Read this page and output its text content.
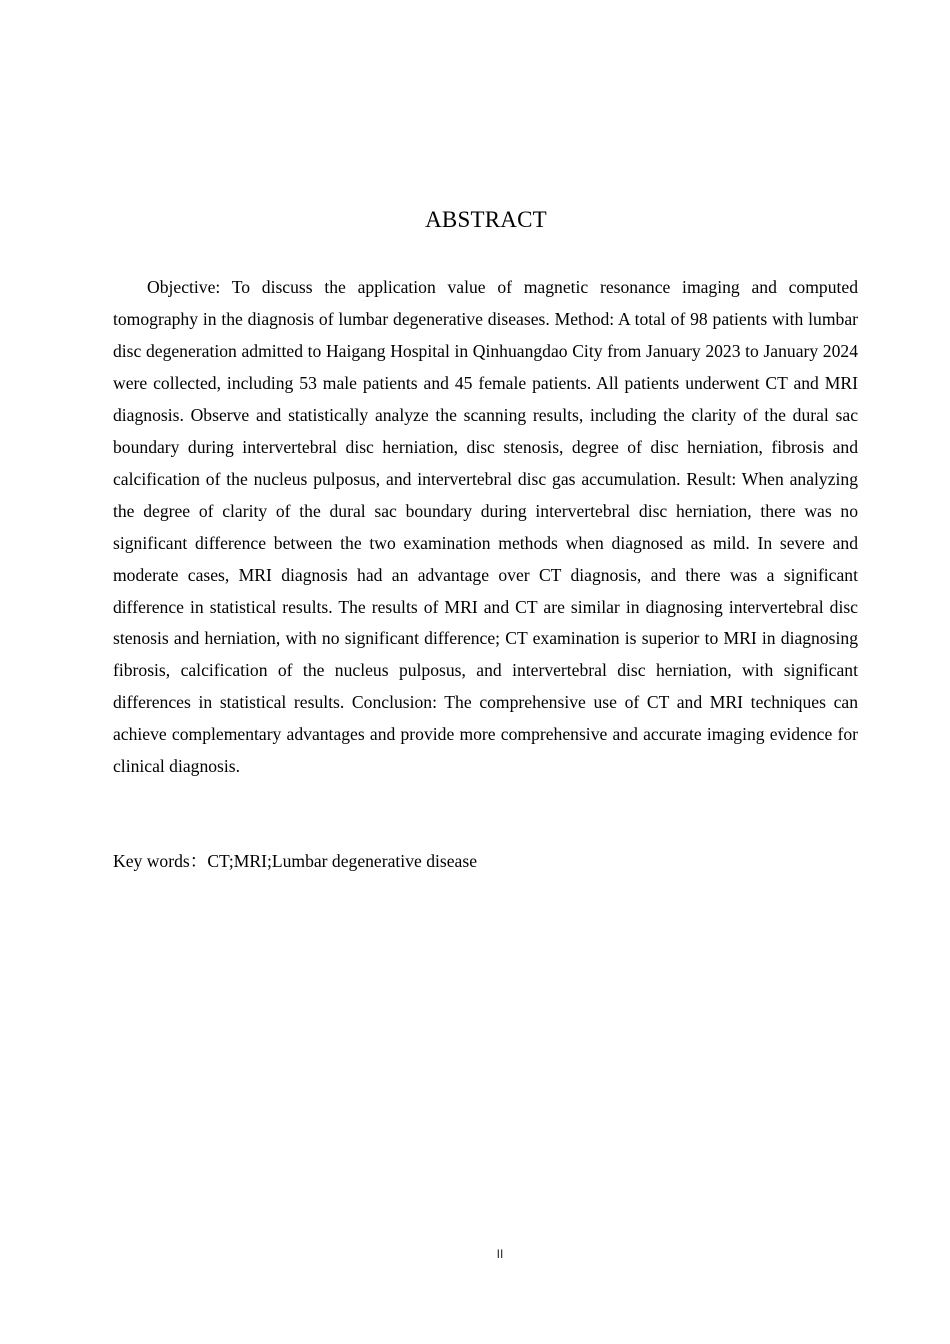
ABSTRACT

Objective: To discuss the application value of magnetic resonance imaging and computed tomography in the diagnosis of lumbar degenerative diseases. Method: A total of 98 patients with lumbar disc degeneration admitted to Haigang Hospital in Qinhuangdao City from January 2023 to January 2024 were collected, including 53 male patients and 45 female patients. All patients underwent CT and MRI diagnosis. Observe and statistically analyze the scanning results, including the clarity of the dural sac boundary during intervertebral disc herniation, disc stenosis, degree of disc herniation, fibrosis and calcification of the nucleus pulposus, and intervertebral disc gas accumulation. Result: When analyzing the degree of clarity of the dural sac boundary during intervertebral disc herniation, there was no significant difference between the two examination methods when diagnosed as mild. In severe and moderate cases, MRI diagnosis had an advantage over CT diagnosis, and there was a significant difference in statistical results. The results of MRI and CT are similar in diagnosing intervertebral disc stenosis and herniation, with no significant difference; CT examination is superior to MRI in diagnosing fibrosis, calcification of the nucleus pulposus, and intervertebral disc herniation, with significant differences in statistical results. Conclusion: The comprehensive use of CT and MRI techniques can achieve complementary advantages and provide more comprehensive and accurate imaging evidence for clinical diagnosis.

Key words：CT;MRI;Lumbar degenerative disease

II
